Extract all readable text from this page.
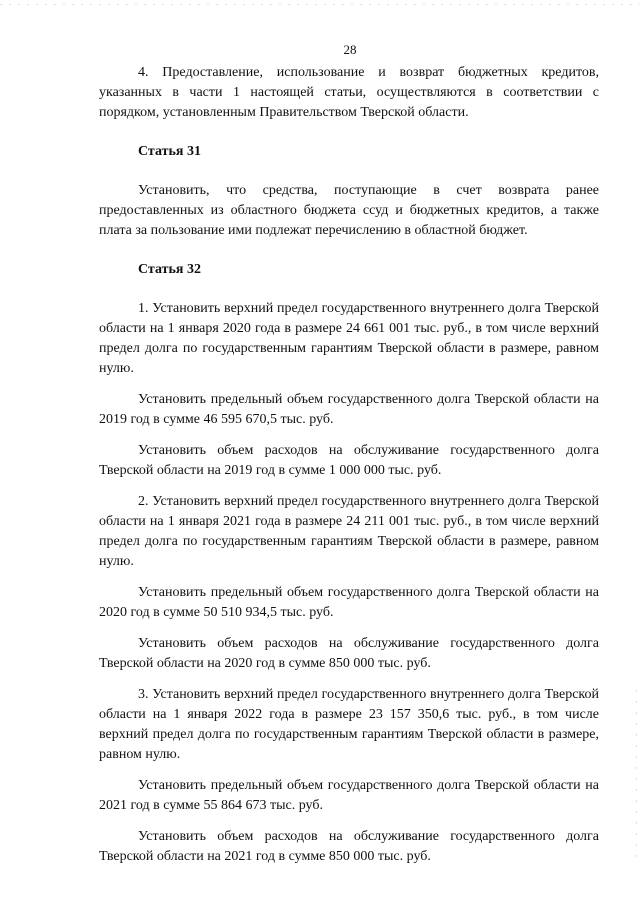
28

4. Предоставление, использование и возврат бюджетных кредитов, указанных в части 1 настоящей статьи, осуществляются в соответствии с порядком, установленным Правительством Тверской области.

Статья 31

Установить, что средства, поступающие в счет возврата ранее предоставленных из областного бюджета ссуд и бюджетных кредитов, а также плата за пользование ими подлежат перечислению в областной бюджет.

Статья 32

1. Установить верхний предел государственного внутреннего долга Тверской области на 1 января 2020 года в размере 24 661 001 тыс. руб., в том числе верхний предел долга по государственным гарантиям Тверской области в размере, равном нулю.

Установить предельный объем государственного долга Тверской области на 2019 год в сумме 46 595 670,5 тыс. руб.

Установить объем расходов на обслуживание государственного долга Тверской области на 2019 год в сумме 1 000 000 тыс. руб.

2. Установить верхний предел государственного внутреннего долга Тверской области на 1 января 2021 года в размере 24 211 001 тыс. руб., в том числе верхний предел долга по государственным гарантиям Тверской области в размере, равном нулю.

Установить предельный объем государственного долга Тверской области на 2020 год в сумме 50 510 934,5 тыс. руб.

Установить объем расходов на обслуживание государственного долга Тверской области на 2020 год в сумме 850 000 тыс. руб.

3. Установить верхний предел государственного внутреннего долга Тверской области на 1 января 2022 года в размере 23 157 350,6 тыс. руб., в том числе верхний предел долга по государственным гарантиям Тверской области в размере, равном нулю.

Установить предельный объем государственного долга Тверской области на 2021 год в сумме 55 864 673 тыс. руб.

Установить объем расходов на обслуживание государственного долга Тверской области на 2021 год в сумме 850 000 тыс. руб.
